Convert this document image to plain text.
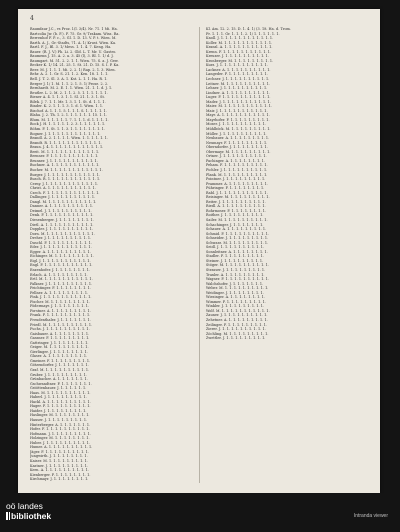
4
Raumfaur J.C., vs Proz. l.(l. 3/4). Nr. 71. 1 Mi. Ha.
Bartcolia Jw. (b. F.). F. 75. Gr. 9/ Trakam. Wiss. Ra.
Berrenhof F. P. c., 3. Gl. 1. D. 13. V. P. t. Wien. M.
Barth. A. J., Gr.-Stadts, 71. A. 1/ Krust. Wien. Ka.
Bartl. F. J., Bl. 3. 1/ Mess. 1. 1. 4. 7. Keng. Ha.
Bauer. (R. J. V.) Ph. Li. 2. Gld. L. T. Mr. U. Gastro.
Baumenn J. 15. A. 2. a. 3. 45 (l), 3. Bl. 1. 1/ d. J.
Baumgart. M. 51. 2. 2. 1. 1. Wien. 75. S. a. J. Gew.
Becker K. 1/ 14. 21. 25. 1. St. 21. D. 15. S. I. P. Ka.
Beer. M. J. 1. 1. 1. Mi. 2. 2. 1/ Rap. 2. 1. 3. Wien.
Behr. A. 2. 1. Gr. S. 21. 1. 2. Ken. 18. 1. 1. 1.
Bell. J. T. 2. Sl. 3. A. 1. Kst. L. 1. 1. Ha. R. 1.
Berger J. 1/ 1. M. 1. 1. 2. 1. 5. 1/ Prose. 2. 2.
Bernhardt. M. 2. E. 1. 1. Wien. 21. 1. 1. d. J. 1.
Beutler. L. 2. M. 2. 1. 1. 2. 5. 1. 1. 1. 1. 1. 1.
Biener A. 4. 1. 1. 3. 1. 1. Sl. 21. 1. 3. 1. St.
Bilek. J. 7. 1. 1. Mr. 1. 3. 1. 1. St. d. 1. 1. 1.
Binder. K. 2. 1. 1. 1. 3. 1. d. 1. Wien. 1. 1.
Bischof. A. 1. 1. 1. 5. 1. 1. 1. S. 1. 1. 1. 1. 1.
Blaha. J. 2. Th. 1. 2. 1. 1. 1. 1. 1. 1. 15. 1. 1.
Blum. M. 1. 1. 1. 1. 1. 7. 1. 1. 1. d. 1. 1. 1. 1.
Bock J. H. 1. 1. 1. 1. 1. 2. 3. 1. 1. 1. 1. 1. 1.
Böhm. F. 1. St. 1. 1. 3. 1. 1. 1. 1. 1. 1. 1. 1.
Bogner. J. 1. 1. 1. 1. 1. 1. 1. 1. 1. 1. 1. 1.
Brandl. A. 2. 1. 1. 1. 1. Wien. 1. 1. 1. 1. 1. 1.
Brandt. R. 1. 1. 1. 1. 1. 1. 1. 1. 1. 1. 1. 1.
Braun. J. 4. 1. 1. 1. 1. 1. 1. 1. 1. 1. 1. 1. 1.
Breit. M. 1. 1. 1. 1. 1. 1. 1. 1. 1. 1. 1. 1.
Brenner. F. 1. 1. 1. 1. 1. 1. 1. 1. 1. 1. 1.
Brunner. J. 1. 1. 1. 1. 1. 1. 1. 1. 1. 1. 1.
Buchner. A. 1. 1. 1. 1. 1. 1. 1. 1. 1. 1. 1.
Bucher. M. 1. 1. 1. 1. 1. 1. 1. 1. 1. 1. 1. 1.
Burger. J. 1. 1. 1. 1. 1. 1. 1. 1. 1. 1. 1. 1.
Busch. R. 1. 1. 1. 1. 1. 1. 1. 1. 1. 1. 1. 1.
Cerny. J. 1. 1. 1. 1. 1. 1. 1. 1. 1. 1. 1. 1.
Christ. A. 1. 1. 1. 1. 1. 1. 1. 1. 1. 1. 1.
Czech. F. 1. 1. 1. 1. 1. 1. 1. 1. 1. 1. 1. 1.
Dallinger. J. 1. 1. 1. 1. 1. 1. 1. 1. 1. 1.
Dangl. M. 1. 1. 1. 1. 1. 1. 1. 1. 1. 1. 1.
Danner. A. 1. 1. 1. 1. 1. 1. 1. 1. 1. 1.
Deimel. J. 1. 1. 1. 1. 1. 1. 1. 1. 1. 1.
Denk. F. 1. 1. 1. 1. 1. 1. 1. 1. 1. 1. 1.
Diesenberger. J. 1. 1. 1. 1. 1. 1. 1. 1.
Dietl. A. 1. 1. 1. 1. 1. 1. 1. 1. 1. 1. 1.
Doppler. J. 1. 1. 1. 1. 1. 1. 1. 1. 1. 1.
Dorn. M. 1. 1. 1. 1. 1. 1. 1. 1. 1. 1. 1.
Dreher. J. 1. 1. 1. 1. 1. 1. 1. 1. 1. 1.
Duschl. F. 1. 1. 1. 1. 1. 1. 1. 1. 1. 1.
Eder. J. 1. 1. 1. 1. 1. 1. 1. 1. 1. 1. 1.
Egger. A. 1. 1. 1. 1. 1. 1. 1. 1. 1. 1.
Eichinger. M. 1. 1. 1. 1. 1. 1. 1. 1. 1.
Eigl. J. 1. 1. 1. 1. 1. 1. 1. 1. 1. 1. 1.
Engl. F. 1. 1. 1. 1. 1. 1. 1. 1. 1. 1. 1.
Enzenhofer. J. 1. 1. 1. 1. 1. 1. 1. 1.
Erlach. A. 1. 1. 1. 1. 1. 1. 1. 1. 1.
Ertl. M. 1. 1. 1. 1. 1. 1. 1. 1. 1. 1. 1.
Falkner. J. 1. 1. 1. 1. 1. 1. 1. 1. 1. 1.
Feichtinger. F. 1. 1. 1. 1. 1. 1. 1. 1.
Fellner. A. 1. 1. 1. 1. 1. 1. 1. 1. 1.
Fink. J. 1. 1. 1. 1. 1. 1. 1. 1. 1. 1. 1.
Fischer. M. 1. 1. 1. 1. 1. 1. 1. 1. 1.
Födermayr. J. 1. 1. 1. 1. 1. 1. 1. 1.
Forstner. A. 1. 1. 1. 1. 1. 1. 1. 1. 1.
Frank. F. 1. 1. 1. 1. 1. 1. 1. 1. 1. 1.
Freudenthaler. J. 1. 1. 1. 1. 1. 1. 1.
Friedl. M. 1. 1. 1. 1. 1. 1. 1. 1. 1. 1.
Fuchs. J. 1. 1. 1. 1. 1. 1. 1. 1. 1. 1.
Gaisbauer. A. 1. 1. 1. 1. 1. 1. 1. 1.
Gassner. F. 1. 1. 1. 1. 1. 1. 1. 1. 1.
Gattringer. J. 1. 1. 1. 1. 1. 1. 1. 1.
Geiger. M. 1. 1. 1. 1. 1. 1. 1. 1. 1.
Gierlinger. J. 1. 1. 1. 1. 1. 1. 1. 1.
Glaser. A. 1. 1. 1. 1. 1. 1. 1. 1. 1.
Gmeiner. F. 1. 1. 1. 1. 1. 1. 1. 1. 1.
Götzendorfer. J. 1. 1. 1. 1. 1. 1. 1.
Graf. M. 1. 1. 1. 1. 1. 1. 1. 1. 1. 1.
Gruber. J. 1. 1. 1. 1. 1. 1. 1. 1. 1.
Grünbacher. A. 1. 1. 1. 1. 1. 1. 1.
Gschwandtner. F. 1. 1. 1. 1. 1. 1. 1.
Gstöttenbauer. J. 1. 1. 1. 1. 1. 1.
Haas. M. 1. 1. 1. 1. 1. 1. 1. 1. 1. 1.
Haberl. J. 1. 1. 1. 1. 1. 1. 1. 1. 1.
Hackl. A. 1. 1. 1. 1. 1. 1. 1. 1. 1. 1.
Hager. F. 1. 1. 1. 1. 1. 1. 1. 1. 1. 1.
Haider. J. 1. 1. 1. 1. 1. 1. 1. 1. 1.
Haslinger. M. 1. 1. 1. 1. 1. 1. 1. 1.
Hauser. J. 1. 1. 1. 1. 1. 1. 1. 1. 1.
Hinterberger. A. 1. 1. 1. 1. 1. 1. 1.
Hofer. F. 1. 1. 1. 1. 1. 1. 1. 1. 1. 1.
Hofmann. J. 1. 1. 1. 1. 1. 1. 1. 1. 1.
Holzinger. M. 1. 1. 1. 1. 1. 1. 1. 1.
Huber. J. 1. 1. 1. 1. 1. 1. 1. 1. 1. 1.
Humer. A. 1. 1. 1. 1. 1. 1. 1. 1. 1. 1.
Jäger. F. 1. 1. 1. 1. 1. 1. 1. 1. 1. 1.
Jungwirth. J. 1. 1. 1. 1. 1. 1. 1. 1.
Kaiser. M. 1. 1. 1. 1. 1. 1. 1. 1. 1.
Kastner. J. 1. 1. 1. 1. 1. 1. 1. 1. 1.
Kern. A. 1. 1. 1. 1. 1. 1. 1. 1. 1. 1.
Kienberger. F. 1. 1. 1. 1. 1. 1. 1. 1.
Kirchmayr. J. 1. 1. 1. 1. 1. 1. 1. 1.
Kl. Am. 12. 2. 15. D. 1. 4. 1/ (3. 18. Ha. d. Trom.
Fr. 1. 1. 1. Gr. 1. 1. 1. 2. 1/ 1. 1. 1. 1. 1. 1.
Knoll. J. 1. 1. 1. 1. 1. 1. 1. 1. 1. 1. 1. 1.
Koller. M. 1. 1. 1. 1. 1. 1. 1. 1. 1. 1. 1.
Kranzl. A. 1. 1. 1. 1. 1. 1. 1. 1. 1. 1. 1.
Krenn. F. 1. 1. 1. 1. 1. 1. 1. 1. 1. 1. 1.
Kreuzer. J. 1. 1. 1. 1. 1. 1. 1. 1. 1. 1.
Kronberger. M. 1. 1. 1. 1. 1. 1. 1. 1. 1.
Kurz. J. 1. 1. 1. 1. 1. 1. 1. 1. 1. 1. 1.
Lackner. A. 1. 1. 1. 1. 1. 1. 1. 1. 1. 1.
Langeder. F. 1. 1. 1. 1. 1. 1. 1. 1. 1.
Lechner. J. 1. 1. 1. 1. 1. 1. 1. 1. 1. 1.
Leitner. M. 1. 1. 1. 1. 1. 1. 1. 1. 1. 1.
Lehner. J. 1. 1. 1. 1. 1. 1. 1. 1. 1. 1.
Lindner. A. 1. 1. 1. 1. 1. 1. 1. 1. 1. 1.
Luger. F. 1. 1. 1. 1. 1. 1. 1. 1. 1. 1. 1.
Mader. J. 1. 1. 1. 1. 1. 1. 1. 1. 1. 1. 1.
Maier. M. 1. 1. 1. 1. 1. 1. 1. 1. 1. 1. 1.
Mair. J. 1. 1. 1. 1. 1. 1. 1. 1. 1. 1. 1.
Mayr. A. 1. 1. 1. 1. 1. 1. 1. 1. 1. 1. 1.
Mayrhofer. F. 1. 1. 1. 1. 1. 1. 1. 1. 1.
Moser. J. 1. 1. 1. 1. 1. 1. 1. 1. 1. 1.
Mühlböck. M. 1. 1. 1. 1. 1. 1. 1. 1. 1.
Müller. J. 1. 1. 1. 1. 1. 1. 1. 1. 1. 1.
Neubauer. A. 1. 1. 1. 1. 1. 1. 1. 1. 1.
Neumayr. F. 1. 1. 1. 1. 1. 1. 1. 1. 1.
Oberndorfer. J. 1. 1. 1. 1. 1. 1. 1. 1.
Obermayr. M. 1. 1. 1. 1. 1. 1. 1. 1. 1.
Ortner. J. 1. 1. 1. 1. 1. 1. 1. 1. 1. 1.
Pachinger. A. 1. 1. 1. 1. 1. 1. 1. 1.
Peham. F. 1. 1. 1. 1. 1. 1. 1. 1. 1. 1.
Pichler. J. 1. 1. 1. 1. 1. 1. 1. 1. 1. 1.
Plank. M. 1. 1. 1. 1. 1. 1. 1. 1. 1. 1.
Pointner. J. 1. 1. 1. 1. 1. 1. 1. 1. 1.
Prammer. A. 1. 1. 1. 1. 1. 1. 1. 1. 1.
Pühringer. F. 1. 1. 1. 1. 1. 1. 1. 1.
Rabl. J. 1. 1. 1. 1. 1. 1. 1. 1. 1. 1. 1.
Reisinger. M. 1. 1. 1. 1. 1. 1. 1. 1. 1.
Reiter. J. 1. 1. 1. 1. 1. 1. 1. 1. 1. 1.
Riedl. A. 1. 1. 1. 1. 1. 1. 1. 1. 1. 1.
Rohrmoser. F. 1. 1. 1. 1. 1. 1. 1. 1.
Roither. J. 1. 1. 1. 1. 1. 1. 1. 1. 1.
Sailer. M. 1. 1. 1. 1. 1. 1. 1. 1. 1. 1.
Schachinger. J. 1. 1. 1. 1. 1. 1. 1.
Schauer. A. 1. 1. 1. 1. 1. 1. 1. 1. 1.
Schmid. F. 1. 1. 1. 1. 1. 1. 1. 1. 1. 1.
Schneider. J. 1. 1. 1. 1. 1. 1. 1. 1. 1.
Schwarz. M. 1. 1. 1. 1. 1. 1. 1. 1. 1.
Seidl. J. 1. 1. 1. 1. 1. 1. 1. 1. 1. 1.
Sonnleitner. A. 1. 1. 1. 1. 1. 1. 1. 1.
Stadler. F. 1. 1. 1. 1. 1. 1. 1. 1. 1.
Steiner. J. 1. 1. 1. 1. 1. 1. 1. 1. 1.
Stöger. M. 1. 1. 1. 1. 1. 1. 1. 1. 1. 1.
Strasser. J. 1. 1. 1. 1. 1. 1. 1. 1. 1.
Traxler. A. 1. 1. 1. 1. 1. 1. 1. 1. 1.
Wagner. F. 1. 1. 1. 1. 1. 1. 1. 1. 1. 1.
Walchshofer. J. 1. 1. 1. 1. 1. 1. 1.
Weber. M. 1. 1. 1. 1. 1. 1. 1. 1. 1. 1.
Weidinger. J. 1. 1. 1. 1. 1. 1. 1. 1.
Wiesinger. A. 1. 1. 1. 1. 1. 1. 1. 1.
Wimmer. F. 1. 1. 1. 1. 1. 1. 1. 1. 1.
Winkler. J. 1. 1. 1. 1. 1. 1. 1. 1. 1.
Wolf. M. 1. 1. 1. 1. 1. 1. 1. 1. 1. 1. 1.
Zauner. J. 1. 1. 1. 1. 1. 1. 1. 1. 1. 1.
Zehetner. A. 1. 1. 1. 1. 1. 1. 1. 1. 1.
Zeilinger. F. 1. 1. 1. 1. 1. 1. 1. 1. 1.
Zierer. J. 1. 1. 1. 1. 1. 1. 1. 1. 1. 1.
Zöchling. M. 1. 1. 1. 1. 1. 1. 1. 1. 1.
Zwettler. J. 1. 1. 1. 1. 1. 1. 1. 1. 1.
oö landes
bibliothek	Intranda viewer
